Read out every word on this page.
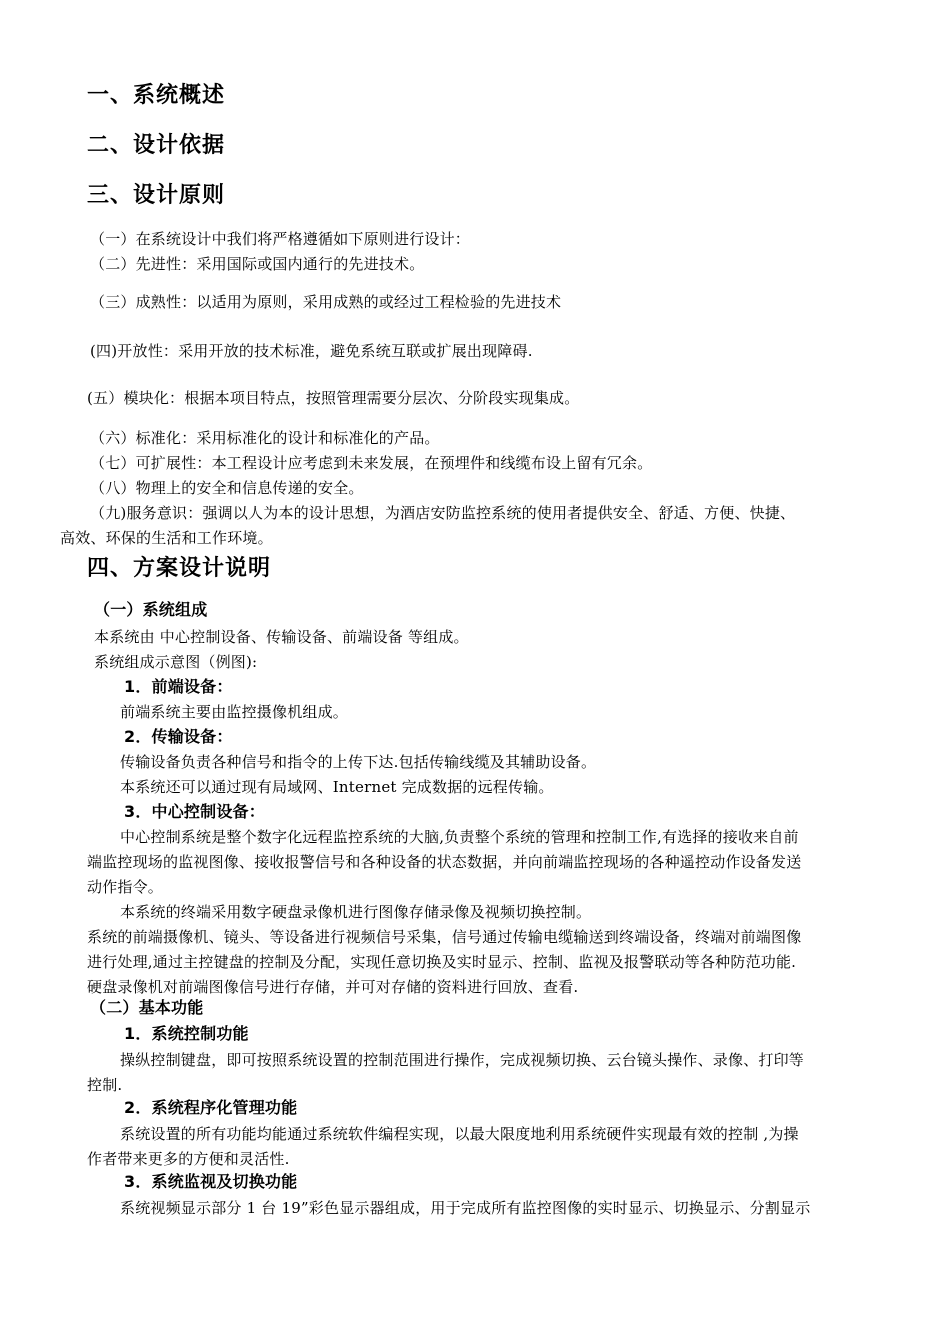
一、系统概述
二、设计依据
三、设计原则
（一）在系统设计中我们将严格遵循如下原则进行设计：
（二）先进性：采用国际或国内通行的先进技术。
（三）成熟性：以适用为原则，采用成熟的或经过工程检验的先进技术
(四)开放性：采用开放的技术标准，避免系统互联或扩展出现障碍.
(五）模块化：根据本项目特点，按照管理需要分层次、分阶段实现集成。
（六）标准化：采用标准化的设计和标准化的产品。
（七）可扩展性：本工程设计应考虑到未来发展，在预埋件和线缆布设上留有冗余。
（八）物理上的安全和信息传递的安全。
（九)服务意识：强调以人为本的设计思想，为酒店安防监控系统的使用者提供安全、舒适、方便、快捷、
高效、环保的生活和工作环境。
四、方案设计说明
（一）系统组成
本系统由 中心控制设备、传输设备、前端设备 等组成。
系统组成示意图（例图):
1．前端设备：
前端系统主要由监控摄像机组成。
2．传输设备：
传输设备负责各种信号和指令的上传下达.包括传输线缆及其辅助设备。
本系统还可以通过现有局域网、Internet 完成数据的远程传输。
3．中心控制设备：
中心控制系统是整个数字化远程监控系统的大脑,负责整个系统的管理和控制工作,有选择的接收来自前
端监控现场的监视图像、接收报警信号和各种设备的状态数据，并向前端监控现场的各种遥控动作设备发送
动作指令。
本系统的终端采用数字硬盘录像机进行图像存储录像及视频切换控制。
系统的前端摄像机、镜头、等设备进行视频信号采集，信号通过传输电缆输送到终端设备，终端对前端图像
进行处理,通过主控键盘的控制及分配，实现任意切换及实时显示、控制、监视及报警联动等各种防范功能.
硬盘录像机对前端图像信号进行存储，并可对存储的资料进行回放、查看.
（二）基本功能
1．系统控制功能
操纵控制键盘，即可按照系统设置的控制范围进行操作，完成视频切换、云台镜头操作、录像、打印等
控制.
2．系统程序化管理功能
系统设置的所有功能均能通过系统软件编程实现，以最大限度地利用系统硬件实现最有效的控制 ,为操
作者带来更多的方便和灵活性.
3．系统监视及切换功能
系统视频显示部分 1 台 19”彩色显示器组成，用于完成所有监控图像的实时显示、切换显示、分割显示
